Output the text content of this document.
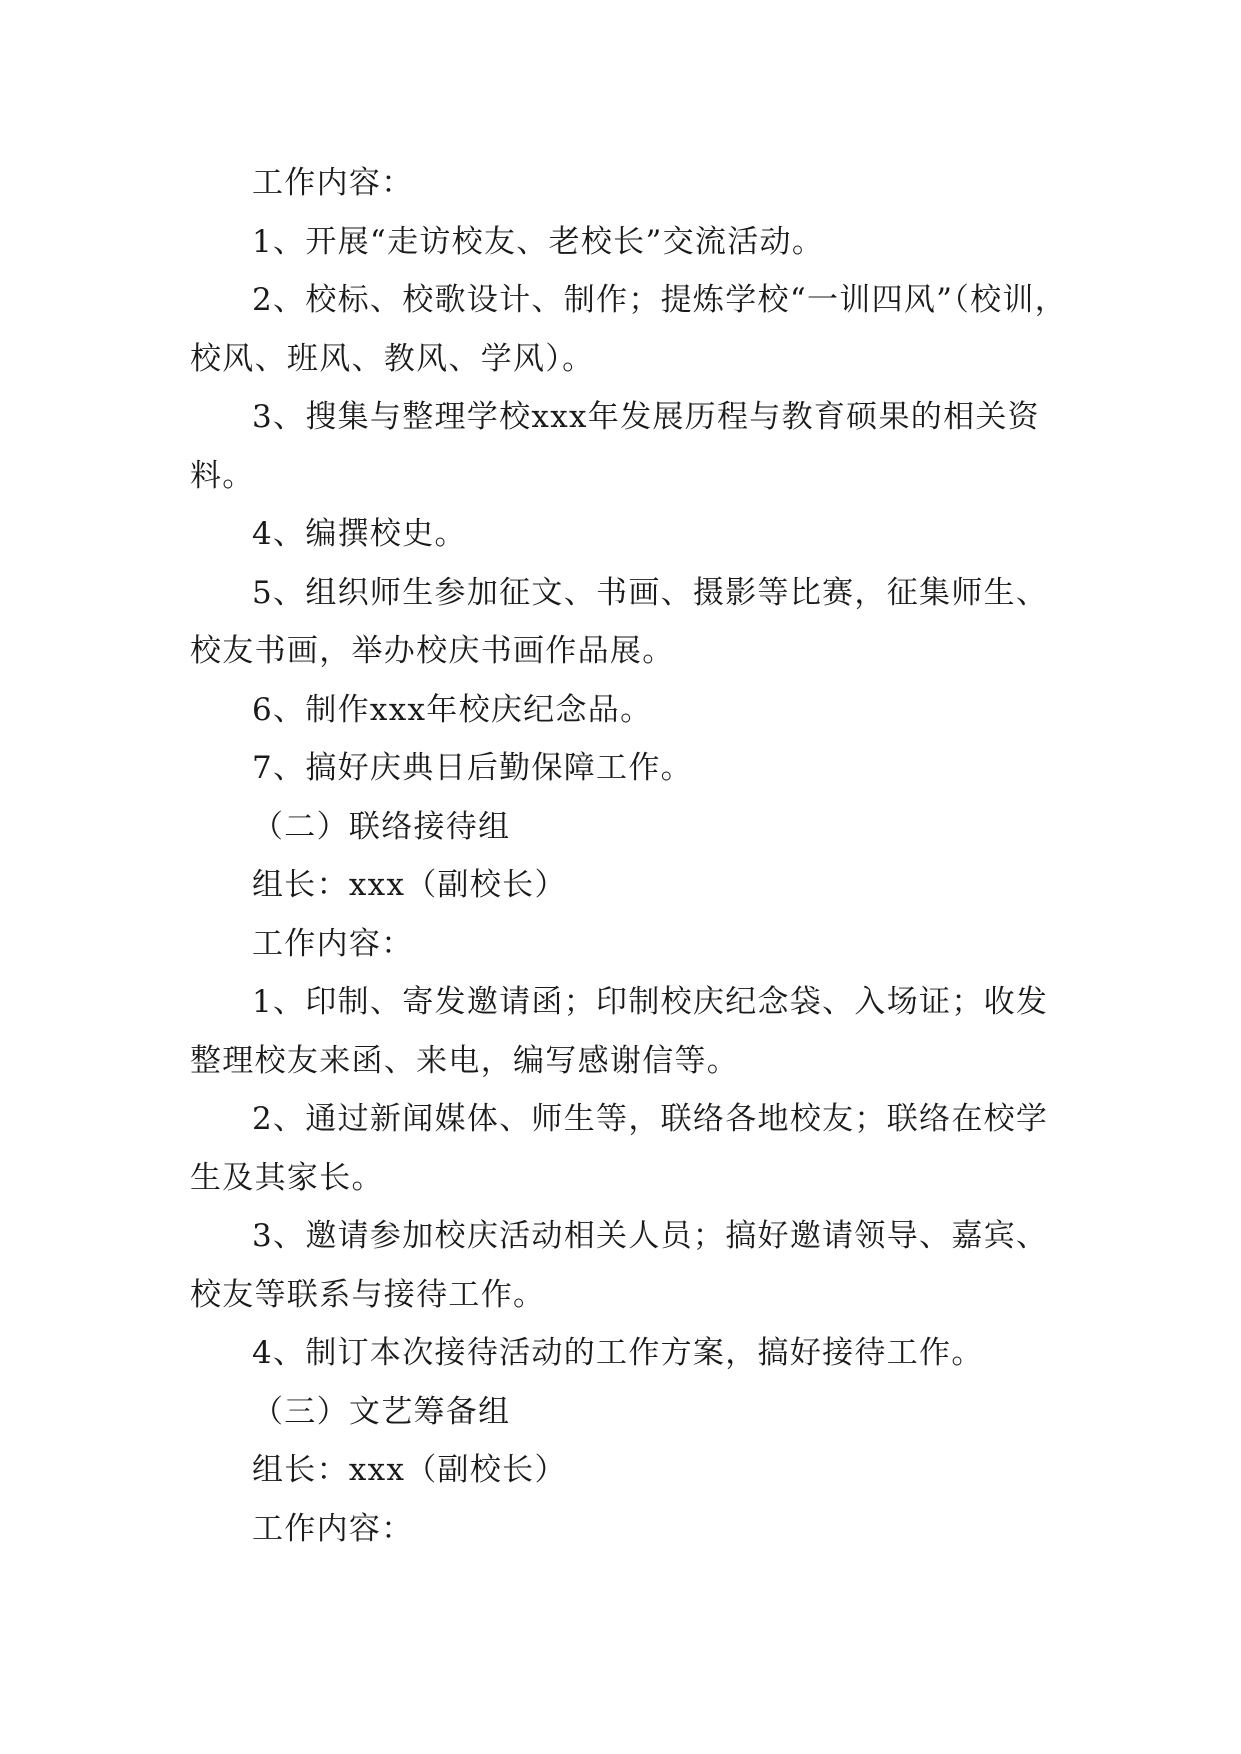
工作内容：

1、开展“走访校友、老校长”交流活动。

2、校标、校歌设计、制作；提炼学校“一训四风”（校训，校风、班风、教风、学风）。

3、搜集与整理学校xxx年发展历程与教育硕果的相关资料。

4、编撰校史。

5、组织师生参加征文、书画、摄影等比赛，征集师生、校友书画，举办校庆书画作品展。

6、制作xxx年校庆纪念品。

7、搞好庆典日后勤保障工作。

（二）联络接待组

组长：xxx（副校长）

工作内容：

1、印制、寄发邀请函；印制校庆纪念袋、入场证；收发整理校友来函、来电，编写感谢信等。

2、通过新闻媒体、师生等，联络各地校友；联络在校学生及其家长。

3、邀请参加校庆活动相关人员；搞好邀请领导、嘉宾、校友等联系与接待工作。

4、制订本次接待活动的工作方案，搞好接待工作。

（三）文艺筹备组

组长：xxx（副校长）

工作内容：
